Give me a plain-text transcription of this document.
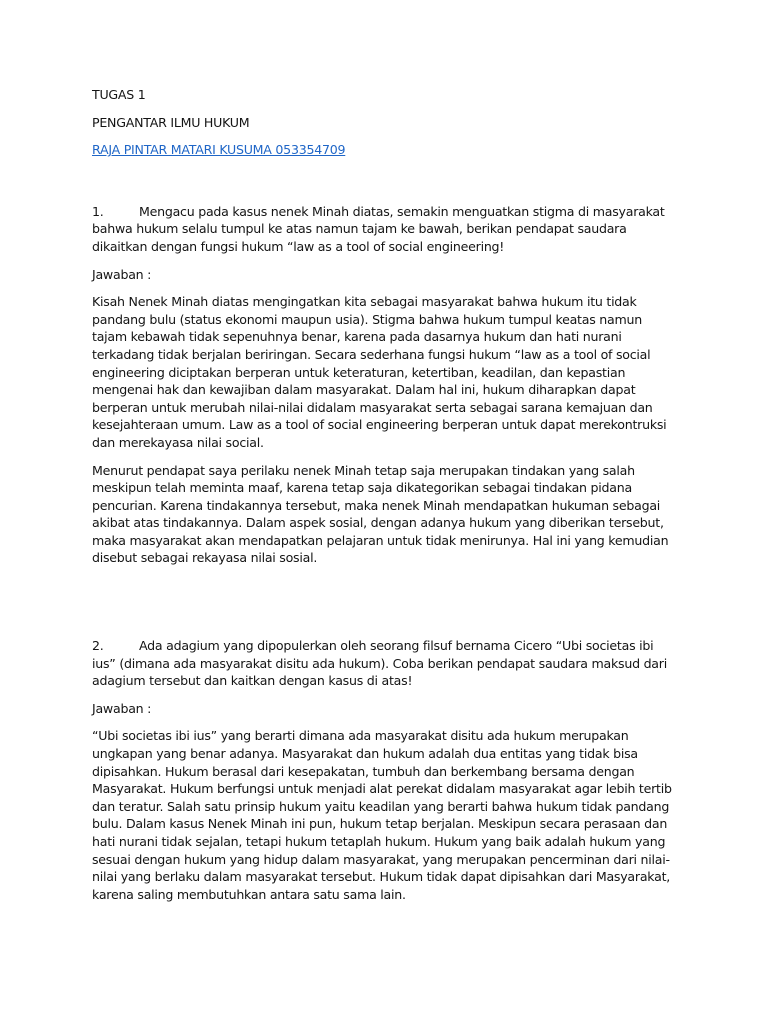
TUGAS 1
PENGANTAR ILMU HUKUM
RAJA PINTAR MATARI KUSUMA 053354709
1.	Mengacu pada kasus nenek Minah diatas, semakin menguatkan stigma di masyarakat bahwa hukum selalu tumpul ke atas namun tajam ke bawah, berikan pendapat saudara dikaitkan dengan fungsi hukum “law as a tool of social engineering!

Jawaban :

Kisah Nenek Minah diatas mengingatkan kita sebagai masyarakat bahwa hukum itu tidak pandang bulu (status ekonomi maupun usia). Stigma bahwa hukum tumpul keatas namun tajam kebawah tidak sepenuhnya benar, karena pada dasarnya hukum dan hati nurani terkadang tidak berjalan beriringan. Secara sederhana fungsi hukum “law as a tool of social engineering diciptakan berperan untuk keteraturan, ketertiban, keadilan, dan kepastian mengenai hak dan kewajiban dalam masyarakat. Dalam hal ini, hukum diharapkan dapat berperan untuk merubah nilai-nilai didalam masyarakat serta sebagai sarana kemajuan dan kesejahteraan umum. Law as a tool of social engineering berperan untuk dapat merekontruksi dan merekayasa nilai social.

Menurut pendapat saya perilaku nenek Minah tetap saja merupakan tindakan yang salah meskipun telah meminta maaf, karena tetap saja dikategorikan sebagai tindakan pidana pencurian. Karena tindakannya tersebut, maka nenek Minah mendapatkan hukuman sebagai akibat atas tindakannya. Dalam aspek sosial, dengan adanya hukum yang diberikan tersebut, maka masyarakat akan mendapatkan pelajaran untuk tidak menirunya. Hal ini yang kemudian disebut sebagai rekayasa nilai sosial.

2.	Ada adagium yang dipopulerkan oleh seorang filsuf bernama Cicero “Ubi societas ibi ius” (dimana ada masyarakat disitu ada hukum). Coba berikan pendapat saudara maksud dari adagium tersebut dan kaitkan dengan kasus di atas!

Jawaban :

“Ubi societas ibi ius” yang berarti dimana ada masyarakat disitu ada hukum merupakan ungkapan yang benar adanya. Masyarakat dan hukum adalah dua entitas yang tidak bisa dipisahkan. Hukum berasal dari kesepakatan, tumbuh dan berkembang bersama dengan Masyarakat. Hukum berfungsi untuk menjadi alat perekat didalam masyarakat agar lebih tertib dan teratur. Salah satu prinsip hukum yaitu keadilan yang berarti bahwa hukum tidak pandang bulu. Dalam kasus Nenek Minah ini pun, hukum tetap berjalan. Meskipun secara perasaan dan hati nurani tidak sejalan, tetapi hukum tetaplah hukum. Hukum yang baik adalah hukum yang sesuai dengan hukum yang hidup dalam masyarakat, yang merupakan pencerminan dari nilai-nilai yang berlaku dalam masyarakat tersebut. Hukum tidak dapat dipisahkan dari Masyarakat, karena saling membutuhkan antara satu sama lain.
